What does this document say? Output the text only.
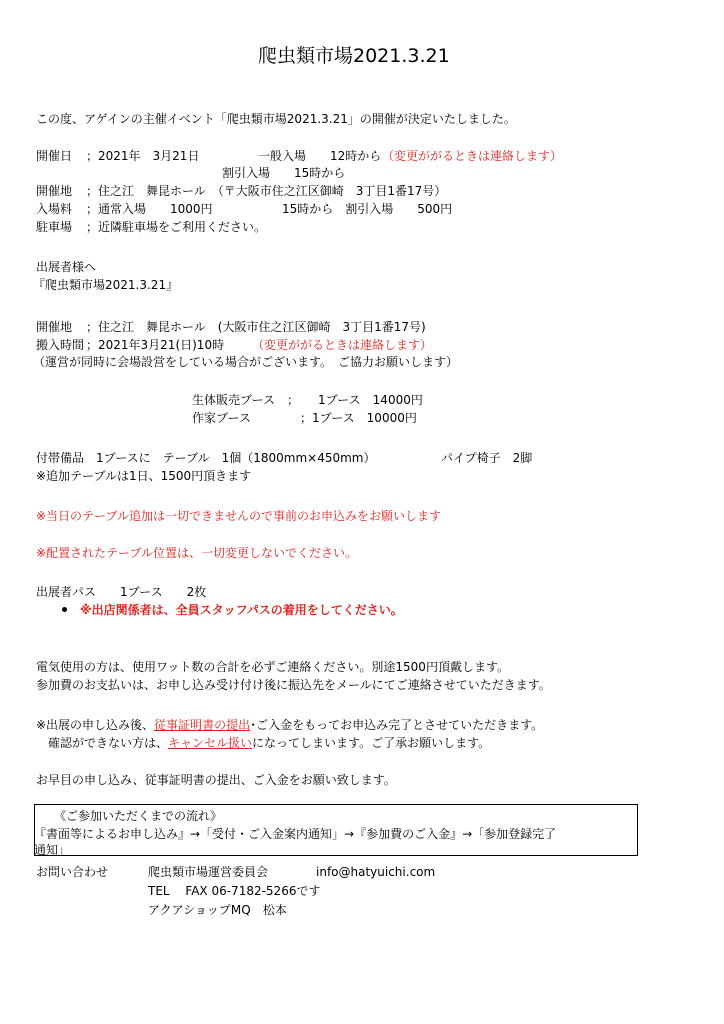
爬虫類市場2021.3.21
この度、アゲインの主催イベント「爬虫類市場2021.3.21」の開催が決定いたしました。
開催日 ；2021年　3月21日	一般入場　　12時から （変更ががるときは連絡します）
割引入場　　15時から
開催地 ；住之江　舞昆ホール　（〒大阪市住之江区御崎　3丁目1番17号）
入場料 ；通常入場　　1000円	15時から　割引入場　　500円
駐車場 ；近隣駐車場をご利用ください。
出展者様へ
『爬虫類市場2021.3.21』
開催地 ；住之江　舞昆ホール　(大阪市住之江区御崎　3丁目1番17号)
搬入時間 ；2021年3月21(日)10時 （変更ががるときは連絡します）
（運営が同時に会場設営をしている場合がございます。　ご協力お願いします）
生体販売ブース　； 1ブース　14000円
作家ブース	；1ブース　10000円
付帯備品　1ブースに　テーブル　1個（1800mm×450mm）	パイプ椅子　2脚
※追加テーブルは1日、1500円頂きます
※当日のテーブル追加は一切できませんので事前のお申込みをお願いします
※配置されたテーブル位置は、一切変更しないでください。
出展者パス　　1ブース　　2枚
※出店関係者は、全員スタッフパスの着用をしてください。
電気使用の方は、使用ワット数の合計を必ずご連絡ください。別途1500円頂戴します。
参加費のお支払いは、お申し込み受け付け後に振込先をメールにてご連絡させていただきます。
※出展の申し込み後、従事証明書の提出･ご入金をもってお申込み完了とさせていただきます。
確認ができない方は、キャンセル扱いになってしまいます。ご了承お願いします。
お早目の申し込み、従事証明書の提出、ご入金をお願い致します。
《ご参加いただくまでの流れ》
『書面等によるお申し込み』→「受付・ご入金案内通知」→『参加費のご入金』→「参加登録完了
通知」
お問い合わせ	爬虫類市場運営委員会	info@hatyuichi.com
TEL　 FAX 06-7182-5266です
アクアショップMQ　松本
